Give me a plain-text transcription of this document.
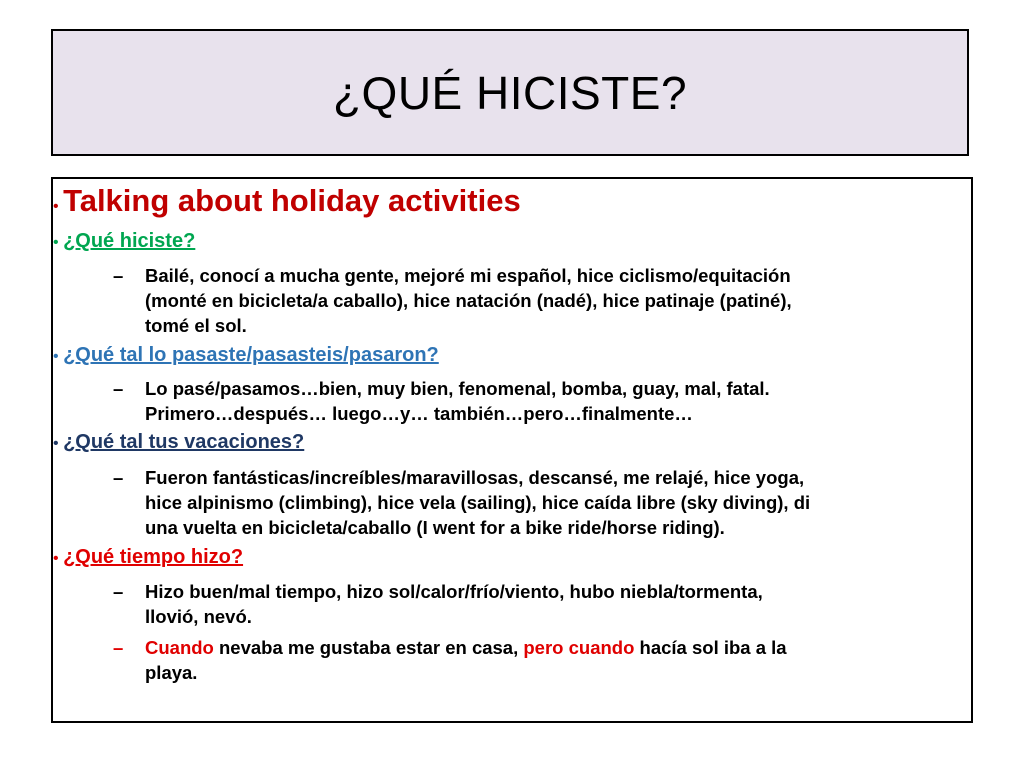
¿QUÉ HICISTE?
• Talking about holiday activities
• ¿Qué hiciste?
– Bailé, conocí a mucha gente, mejoré mi español, hice ciclismo/equitación
(monté en bicicleta/a caballo), hice natación (nadé), hice patinaje (patiné),
tomé el sol.
• ¿Qué tal lo pasaste/pasasteis/pasaron?
– Lo pasé/pasamos…bien, muy bien, fenomenal, bomba, guay, mal, fatal.
Primero…después… luego…y… también…pero…finalmente…
• ¿Qué tal tus vacaciones?
– Fueron fantásticas/increíbles/maravillosas, descansé, me relajé, hice yoga,
hice alpinismo (climbing), hice vela (sailing), hice caída libre (sky diving), di
una vuelta en bicicleta/caballo (I went for a bike ride/horse riding).
• ¿Qué tiempo hizo?
– Hizo buen/mal tiempo, hizo sol/calor/frío/viento, hubo niebla/tormenta,
llovió, nevó.
– Cuando nevaba me gustaba estar en casa, pero cuando hacía sol iba a la
playa.
